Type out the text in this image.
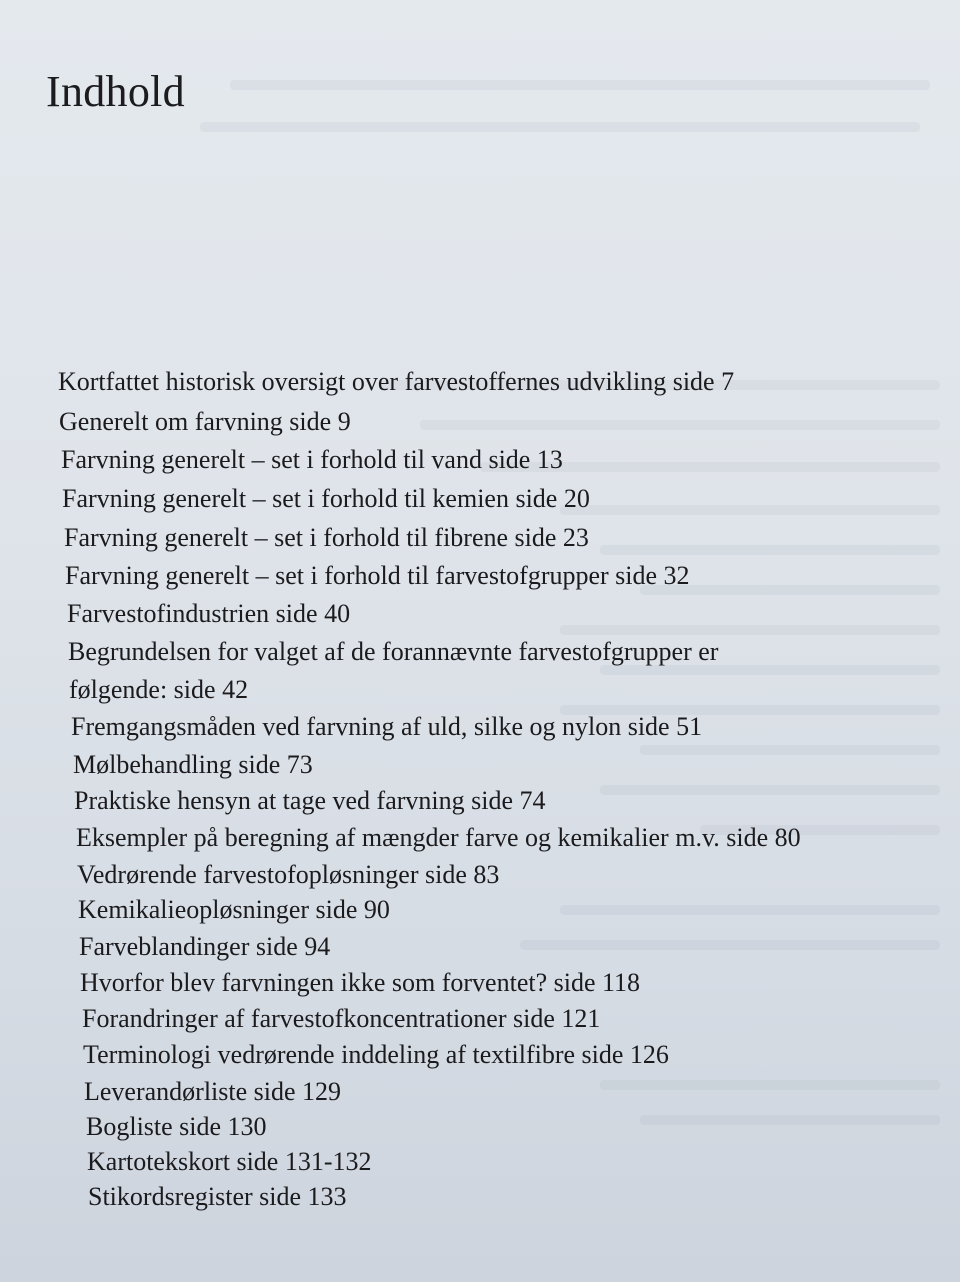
Indhold
Kortfattet historisk oversigt over farvestoffernes udvikling side 7
Generelt om farvning side 9
Farvning generelt – set i forhold til vand side 13
Farvning generelt – set i forhold til kemien side 20
Farvning generelt – set i forhold til fibrene side 23
Farvning generelt – set i forhold til farvestofgrupper side 32
Farvestofindustrien side 40
Begrundelsen for valget af de forannævnte farvestofgrupper er
følgende: side 42
Fremgangsmåden ved farvning af uld, silke og nylon side 51
Mølbehandling side 73
Praktiske hensyn at tage ved farvning side 74
Eksempler på beregning af mængder farve og kemikalier m.v. side 80
Vedrørende farvestofopløsninger side 83
Kemikalieopløsninger side 90
Farveblandinger side 94
Hvorfor blev farvningen ikke som forventet? side 118
Forandringer af farvestofkoncentrationer side 121
Terminologi vedrørende inddeling af textilfibre side 126
Leverandørliste side 129
Bogliste side 130
Kartotekskort side 131-132
Stikordsregister side 133
